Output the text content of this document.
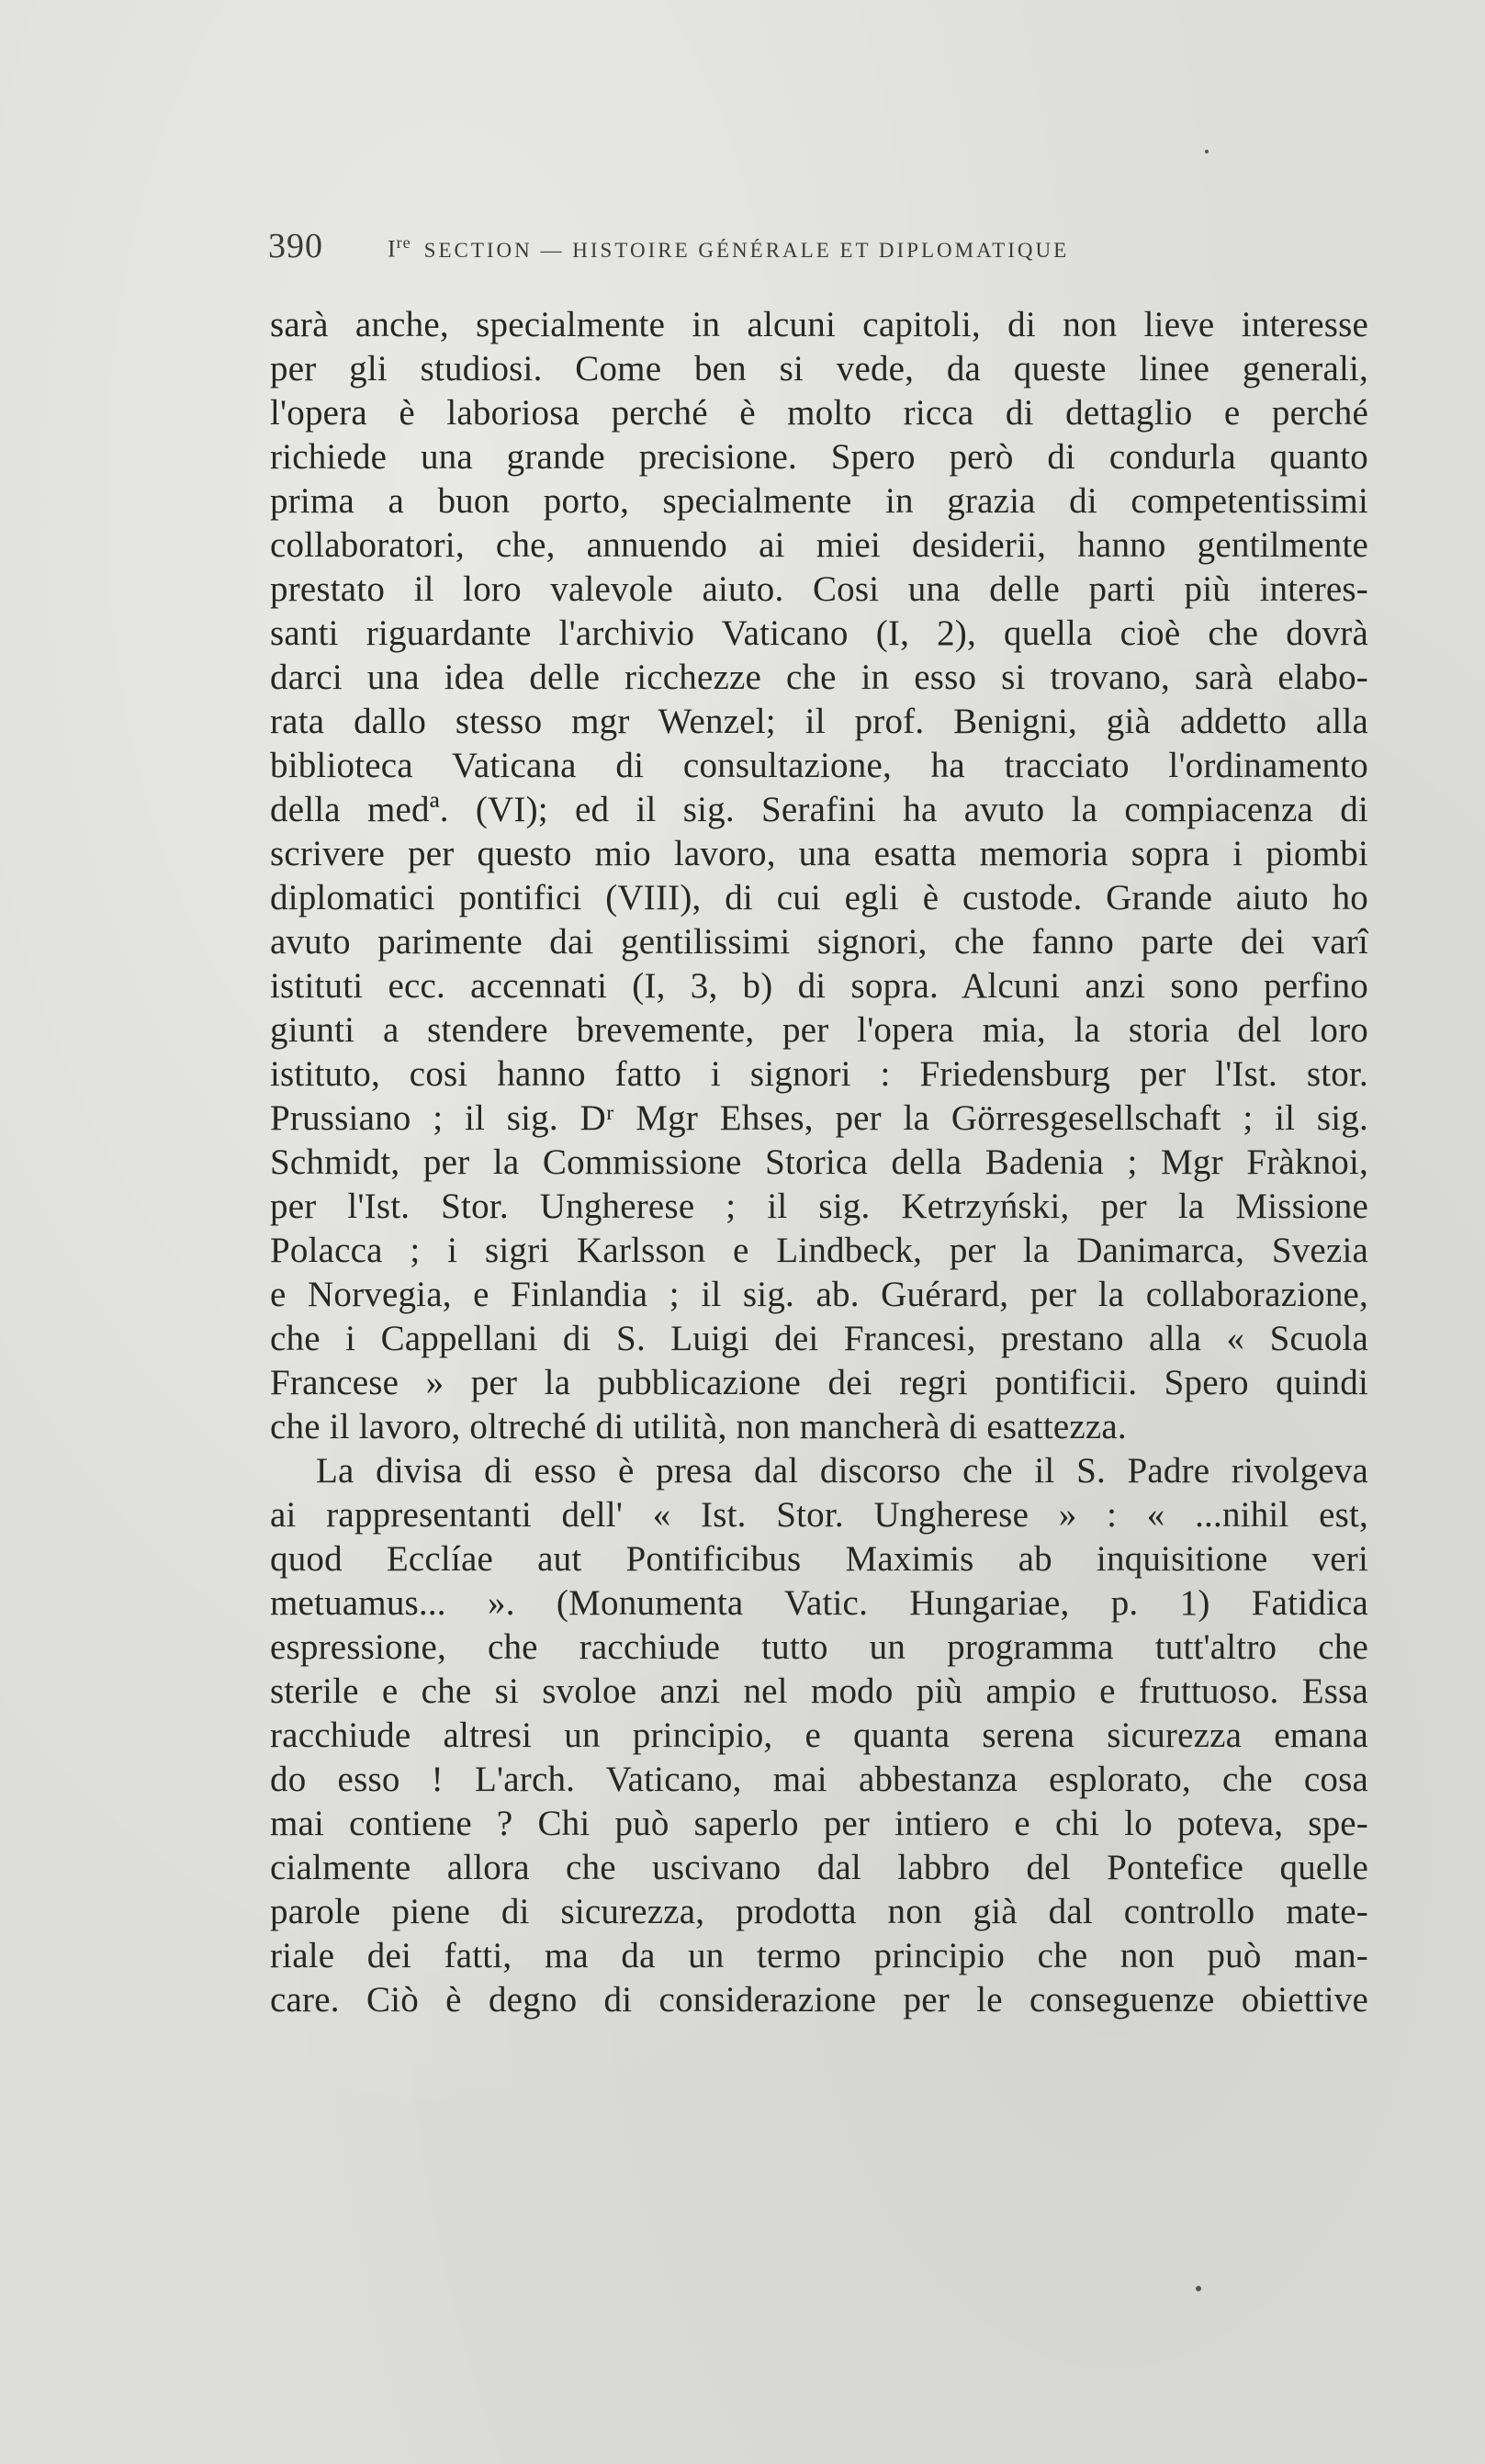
390	Ire SECTION — HISTOIRE GÉNÉRALE ET DIPLOMATIQUE
sarà anche, specialmente in alcuni capitoli, di non lieve interesse
per gli studiosi. Come ben si vede, da queste linee generali,
l'opera è laboriosa perché è molto ricca di dettaglio e perché
richiede una grande precisione. Spero però di condurla quanto
prima a buon porto, specialmente in grazia di competentissimi
collaboratori, che, annuendo ai miei desiderii, hanno gentilmente
prestato il loro valevole aiuto. Cosi una delle parti più interes-
santi riguardante l'archivio Vaticano (I, 2), quella cioè che dovrà
darci una idea delle ricchezze che in esso si trovano, sarà elabo-
rata dallo stesso mgr Wenzel; il prof. Benigni, già addetto alla
biblioteca Vaticana di consultazione, ha tracciato l'ordinamento
della medª. (VI); ed il sig. Serafini ha avuto la compiacenza di
scrivere per questo mio lavoro, una esatta memoria sopra i piombi
diplomatici pontifici (VIII), di cui egli è custode. Grande aiuto ho
avuto parimente dai gentilissimi signori, che fanno parte dei varî
istituti ecc. accennati (I, 3, b) di sopra. Alcuni anzi sono perfino
giunti a stendere brevemente, per l'opera mia, la storia del loro
istituto, cosi hanno fatto i signori : Friedensburg per l'Ist. stor.
Prussiano ; il sig. Dʳ Mgr Ehses, per la Görresgesellschaft ; il sig.
Schmidt, per la Commissione Storica della Badenia ; Mgr Fràknoi,
per l'Ist. Stor. Ungherese ; il sig. Ketrzyński, per la Missione
Polacca ; i sigri Karlsson e Lindbeck, per la Danimarca, Svezia
e Norvegia, e Finlandia ; il sig. ab. Guérard, per la collaborazione,
che i Cappellani di S. Luigi dei Francesi, prestano alla « Scuola
Francese » per la pubblicazione dei regri pontificii. Spero quindi
che il lavoro, oltreché di utilità, non mancherà di esattezza.
La divisa di esso è presa dal discorso che il S. Padre rivolgeva
ai rappresentanti dell' « Ist. Stor. Ungherese » : « ...nihil est,
quod Ecclíae aut Pontificibus Maximis ab inquisitione veri
metuamus... ». (Monumenta Vatic. Hungariae, p. 1) Fatidica
espressione, che racchiude tutto un programma tutt'altro che
sterile e che si svoloe anzi nel modo più ampio e fruttuoso. Essa
racchiude altresi un principio, e quanta serena sicurezza emana
do esso ! L'arch. Vaticano, mai abbestanza esplorato, che cosa
mai contiene ? Chi può saperlo per intiero e chi lo poteva, spe-
cialmente allora che uscivano dal labbro del Pontefice quelle
parole piene di sicurezza, prodotta non già dal controllo mate-
riale dei fatti, ma da un termo principio che non può man-
care. Ciò è degno di considerazione per le conseguenze obiettive
